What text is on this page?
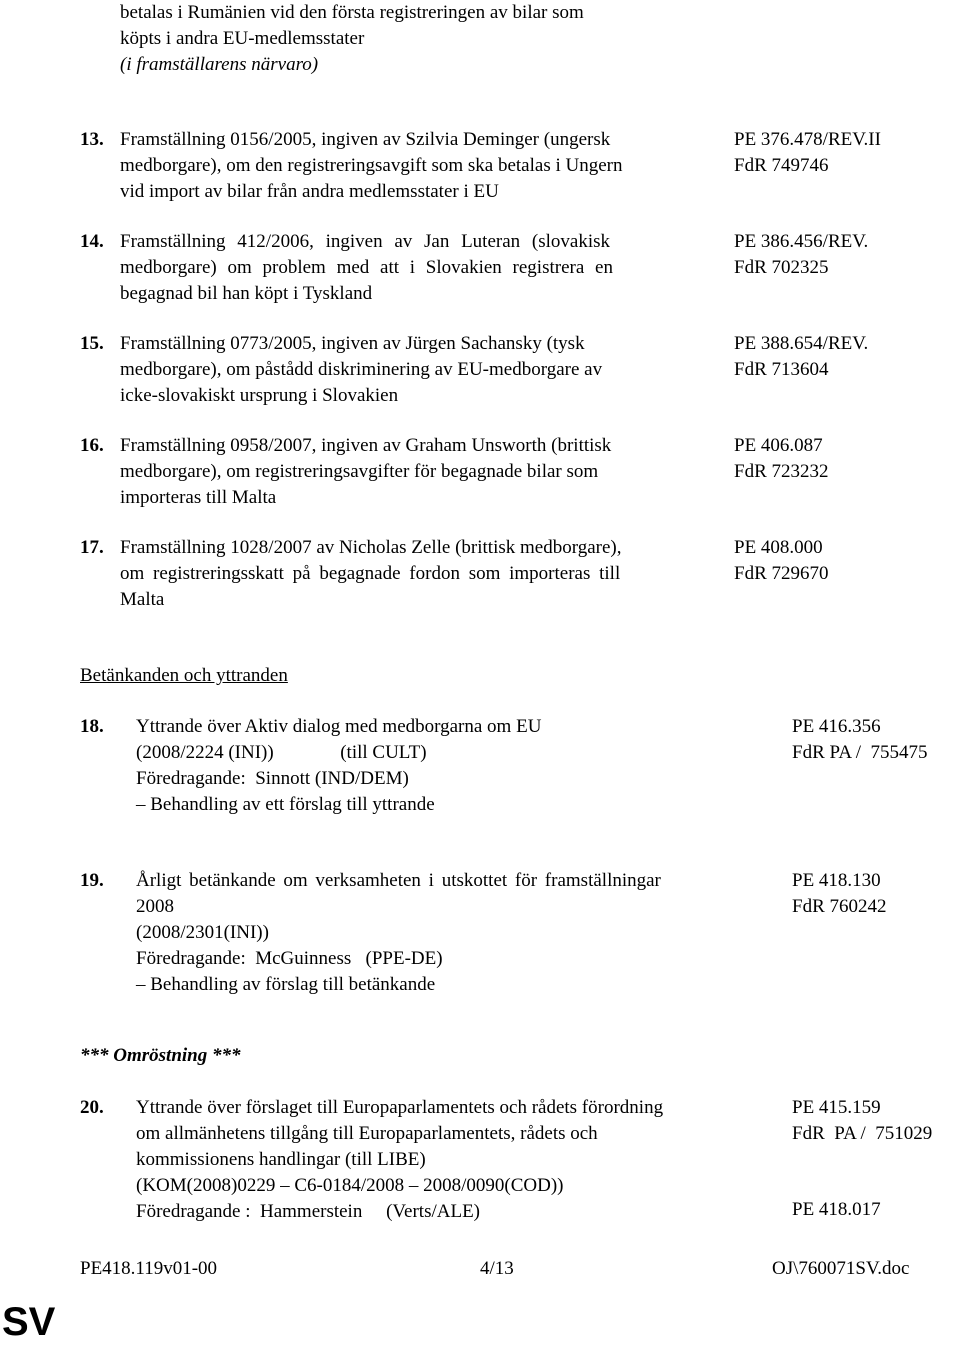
betalas i Rumänien vid den första registreringen av bilar som
köpts i andra EU-medlemsstater
(i framställarens närvaro)
13. Framställning 0156/2005, ingiven av Szilvia Deminger (ungersk
medborgare), om den registreringsavgift som ska betalas i Ungern
vid import av bilar från andra medlemsstater i EU
PE 376.478/REV.II
FdR 749746
14. Framställning 412/2006, ingiven av Jan Luteran (slovakisk
medborgare) om problem med att i Slovakien registrera en
begagnad bil han köpt i Tyskland
PE 386.456/REV.
FdR 702325
15. Framställning 0773/2005, ingiven av Jürgen Sachansky (tysk
medborgare), om påstådd diskriminering av EU-medborgare av
icke-slovakiskt ursprung i Slovakien
PE 388.654/REV.
FdR 713604
16. Framställning 0958/2007, ingiven av Graham Unsworth (brittisk
medborgare), om registreringsavgifter för begagnade bilar som
importeras till Malta
PE 406.087
FdR 723232
17. Framställning 1028/2007 av Nicholas Zelle (brittisk medborgare),
om registreringsskatt på begagnade fordon som importeras till
Malta
PE 408.000
FdR 729670
Betänkanden och yttranden
18. Yttrande över Aktiv dialog med medborgarna om EU
(2008/2224 (INI))              (till CULT)
Föredragande:  Sinnott (IND/DEM)
– Behandling av ett förslag till yttrande
PE 416.356
FdR PA /  755475
19. Årligt betänkande om verksamheten i utskottet för framställningar
2008
(2008/2301(INI))
Föredragande:  McGuinness   (PPE-DE)
– Behandling av förslag till betänkande
PE 418.130
FdR 760242
*** Omröstning ***
20. Yttrande över förslaget till Europaparlamentets och rådets förordning
om allmänhetens tillgång till Europaparlamentets, rådets och
kommissionens handlingar (till LIBE)
(KOM(2008)0229 – C6-0184/2008 – 2008/0090(COD))
Föredragande :  Hammerstein     (Verts/ALE)
PE 415.159
FdR  PA /  751029
PE 418.017
PE418.119v01-00	4/13	OJ\760071SV.doc
SV
